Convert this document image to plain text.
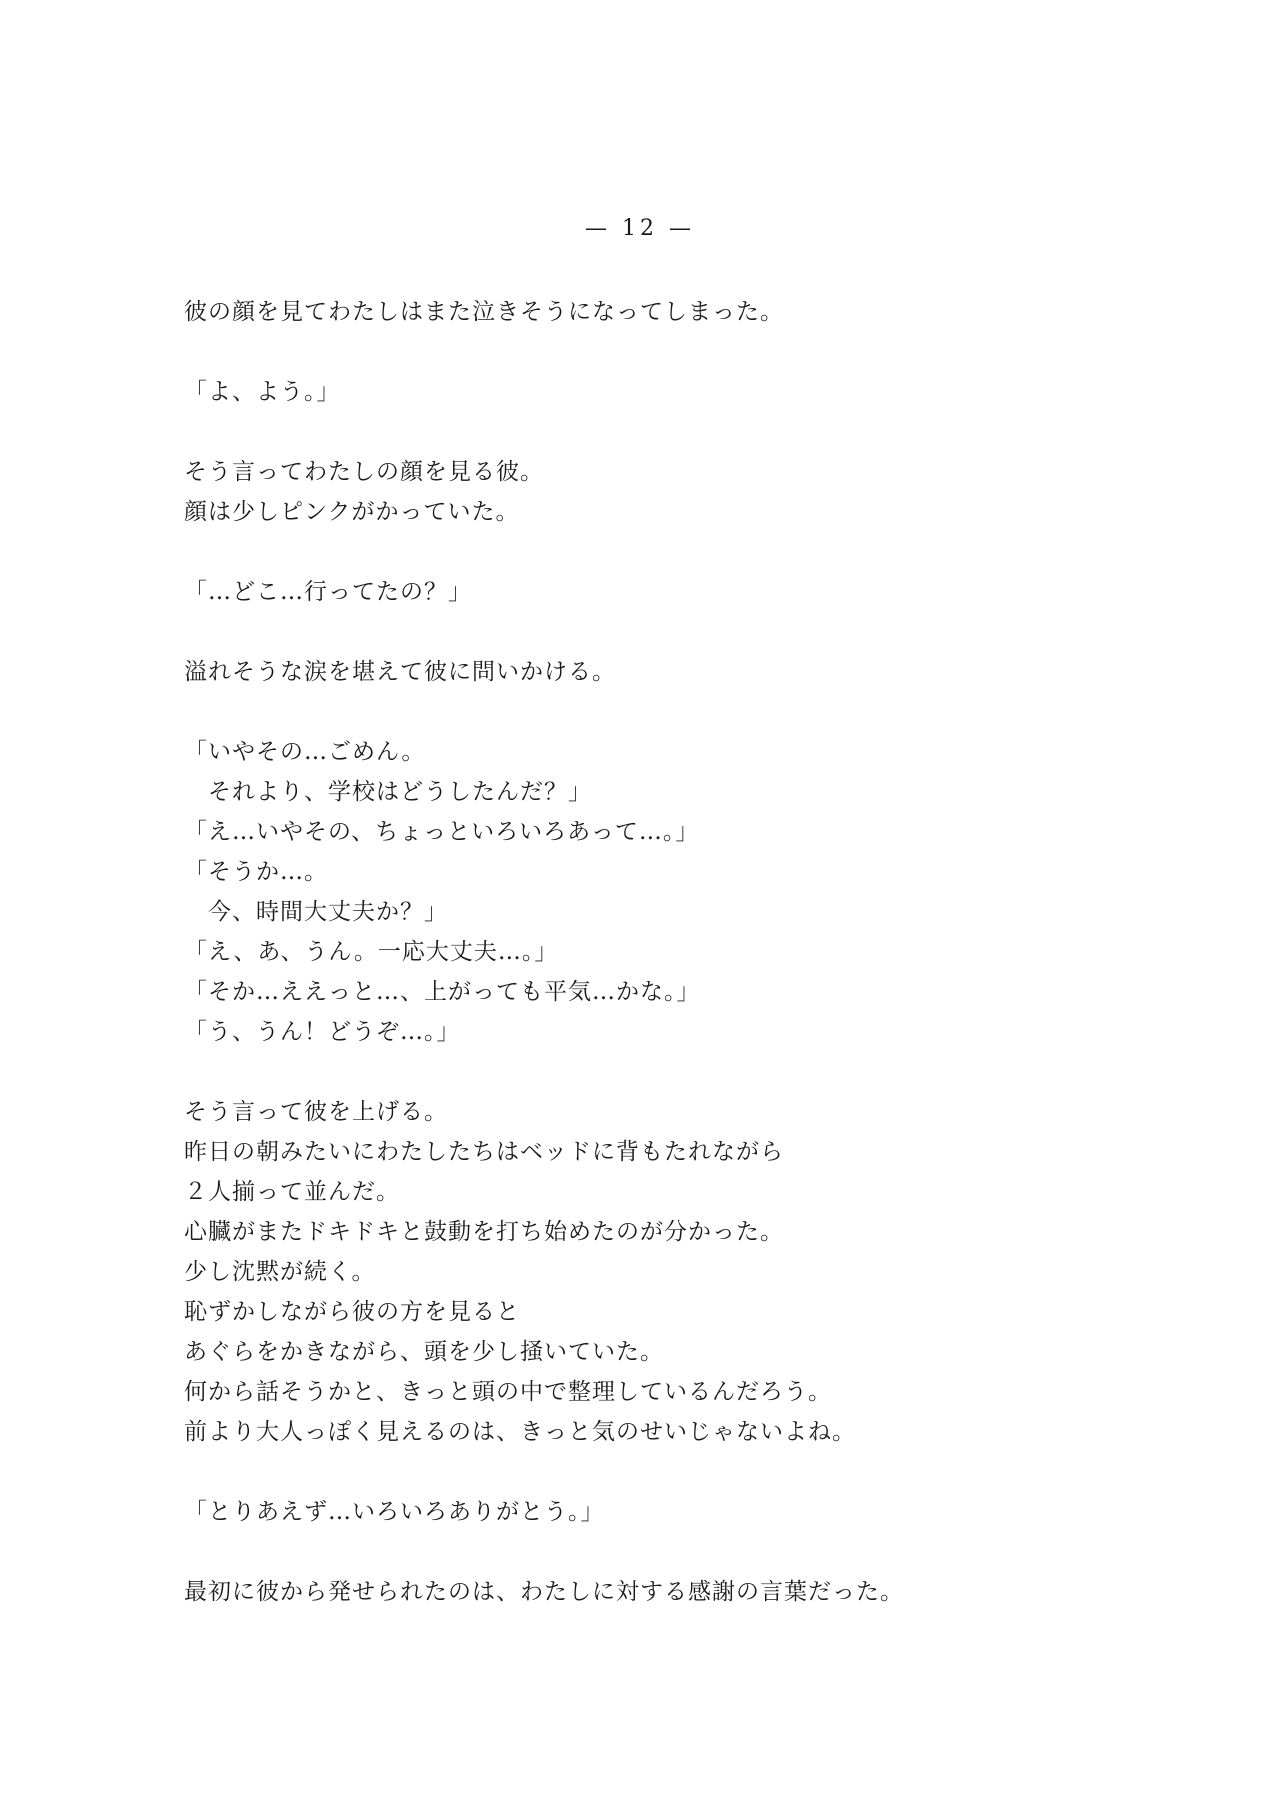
— 12 —
彼の顔を見てわたしはまた泣きそうになってしまった。
「よ、よう。」
そう言ってわたしの顔を見る彼。
顔は少しピンクがかっていた。
「…どこ…行ってたの？」
溢れそうな涙を堪えて彼に問いかける。
「いやその…ごめん。
　それより、学校はどうしたんだ？」
「え…いやその、ちょっといろいろあって…。」
「そうか…。
　今、時間大丈夫か？」
「え、あ、うん。一応大丈夫…。」
「そか…ええっと…、上がっても平気…かな。」
「う、うん！どうぞ…。」
そう言って彼を上げる。
昨日の朝みたいにわたしたちはベッドに背もたれながら
２人揃って並んだ。
心臓がまたドキドキと鼓動を打ち始めたのが分かった。
少し沈黙が続く。
恥ずかしながら彼の方を見ると
あぐらをかきながら、頭を少し掻いていた。
何から話そうかと、きっと頭の中で整理しているんだろう。
前より大人っぽく見えるのは、きっと気のせいじゃないよね。
「とりあえず…いろいろありがとう。」
最初に彼から発せられたのは、わたしに対する感謝の言葉だった。
